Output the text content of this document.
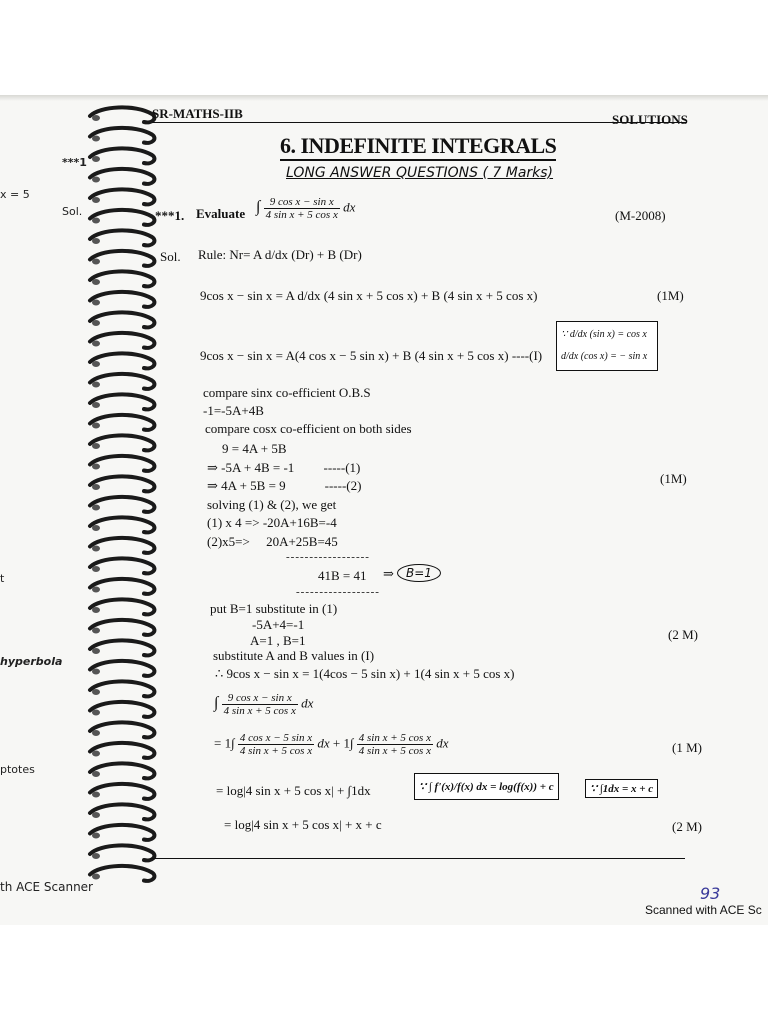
x = 5
***1
Sol.
t
hyperbola
ptotes
th ACE Scanner
SR-MATHS-IIB	SOLUTIONS
6. INDEFINITE INTEGRALS
LONG ANSWER QUESTIONS ( 7 Marks)
***1. Evaluate ∫ $\frac{\text{9 cos x − sin x}}{\text{4 sin x + 5 cos x}}$ dx
(M-2008)
Sol. Rule: Nr= A d/dx (Dr) + B (Dr)
9cos x − sin x = A d/dx (4 sin x + 5 cos x) + B (4 sin x + 5 cos x)	(1M)
9cos x − sin x = A(4 cos x − 5 sin x) + B (4 sin x + 5 cos x) ----(I)
∵ d/dx (sin x) = cos x
d/dx (cos x) = − sin x
compare sinx co-efficient O.B.S
-1=-5A+4B
compare cosx co-efficient on both sides
9 = 4A + 5B
⇒ -5A + 4B = -1         -----(1)
⇒ 4A + 5B = 9            -----(2)	(1M)
solving (1) & (2), we get
(1) x 4 => -20A+16B=-4
(2)x5=>     20A+25B=45
------------------
41B = 41 ⇒	B=1
------------------
put B=1 substitute in (1)
-5A+4=-1
A=1 , B=1	(2 M)
substitute A and B values in (I)
∴ 9cos x − sin x = 1(4cos − 5 sin x) + 1(4 sin x + 5 cos x)
∫ $\frac{\text{9 cos x − sin x}}{\text{4 sin x + 5 cos x}}$ dx
= $1\int \frac{\text{4 cos x − 5 sin x}}{\text{4 sin x + 5 cos x}}$ dx + $1\int \frac{\text{4 sin x + 5 cos x}}{\text{4 sin x + 5 cos x}}$ dx	(1 M)
= log|4 sin x + 5 cos x| + ∫1dx	∵ ∫ f'(x)/f(x) dx = log(f(x)) + c	∵ ∫1dx = x + c
= log|4 sin x + 5 cos x| + x + c	(2 M)
93
Scanned with ACE Sc
